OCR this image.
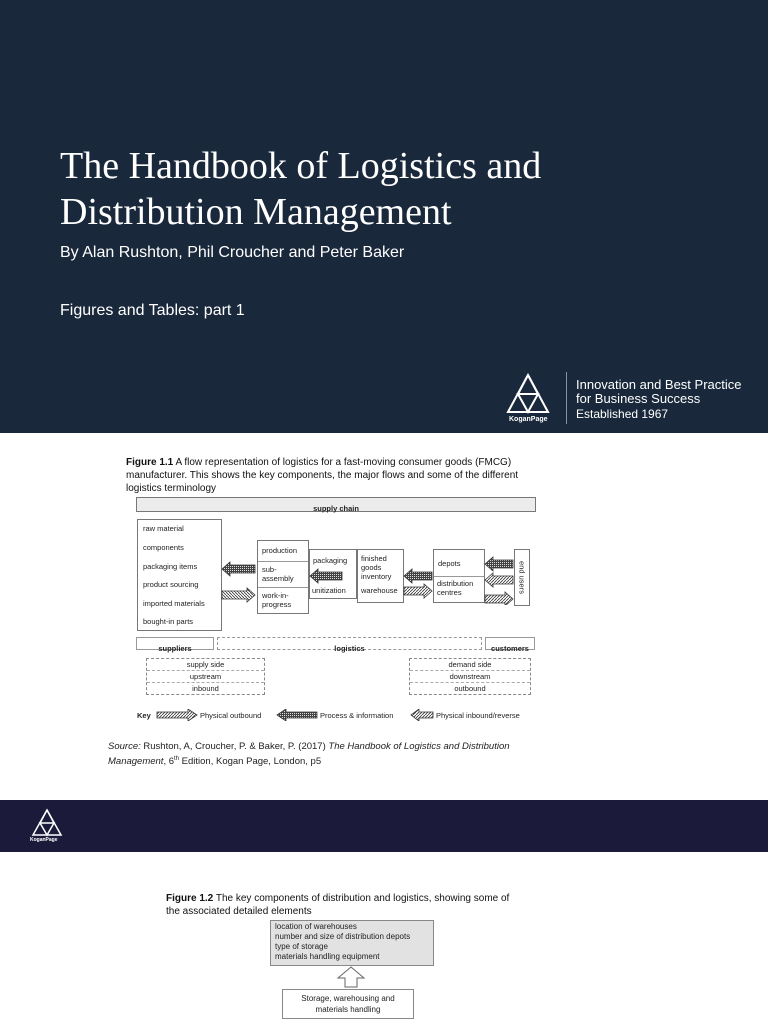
The Handbook of Logistics and
Distribution Management
By Alan Rushton, Phil Croucher and Peter Baker
Figures and Tables: part 1
KoganPage
Innovation and Best Practice
for Business Success
Established 1967
Figure 1.1 A flow representation of logistics for a fast-moving consumer goods (FMCG)
manufacturer. This shows the key components, the major flows and some of the different
logistics terminology
supply chain
raw material
components
packaging items
product sourcing
imported materials
bought-in parts
production
sub-
assembly
work-in-
progress
packaging
unitization
finished
goods
inventory
warehouse
depots
distribution
centres	end users
suppliers	logistics	customers
supply side
upstream
inbound
demand side
downstream
outbound
Key	Physical outbound	Process & information	Physical inbound/reverse
Source: Rushton, A, Croucher, P. & Baker, P. (2017) The Handbook of Logistics and Distribution
Management, 6th Edition, Kogan Page, London, p5
KoganPage
Figure 1.2 The key components of distribution and logistics, showing some of
the associated detailed elements
location of warehouses
number and size of distribution depots
type of storage
materials handling equipment
Storage, warehousing and
materials handling
